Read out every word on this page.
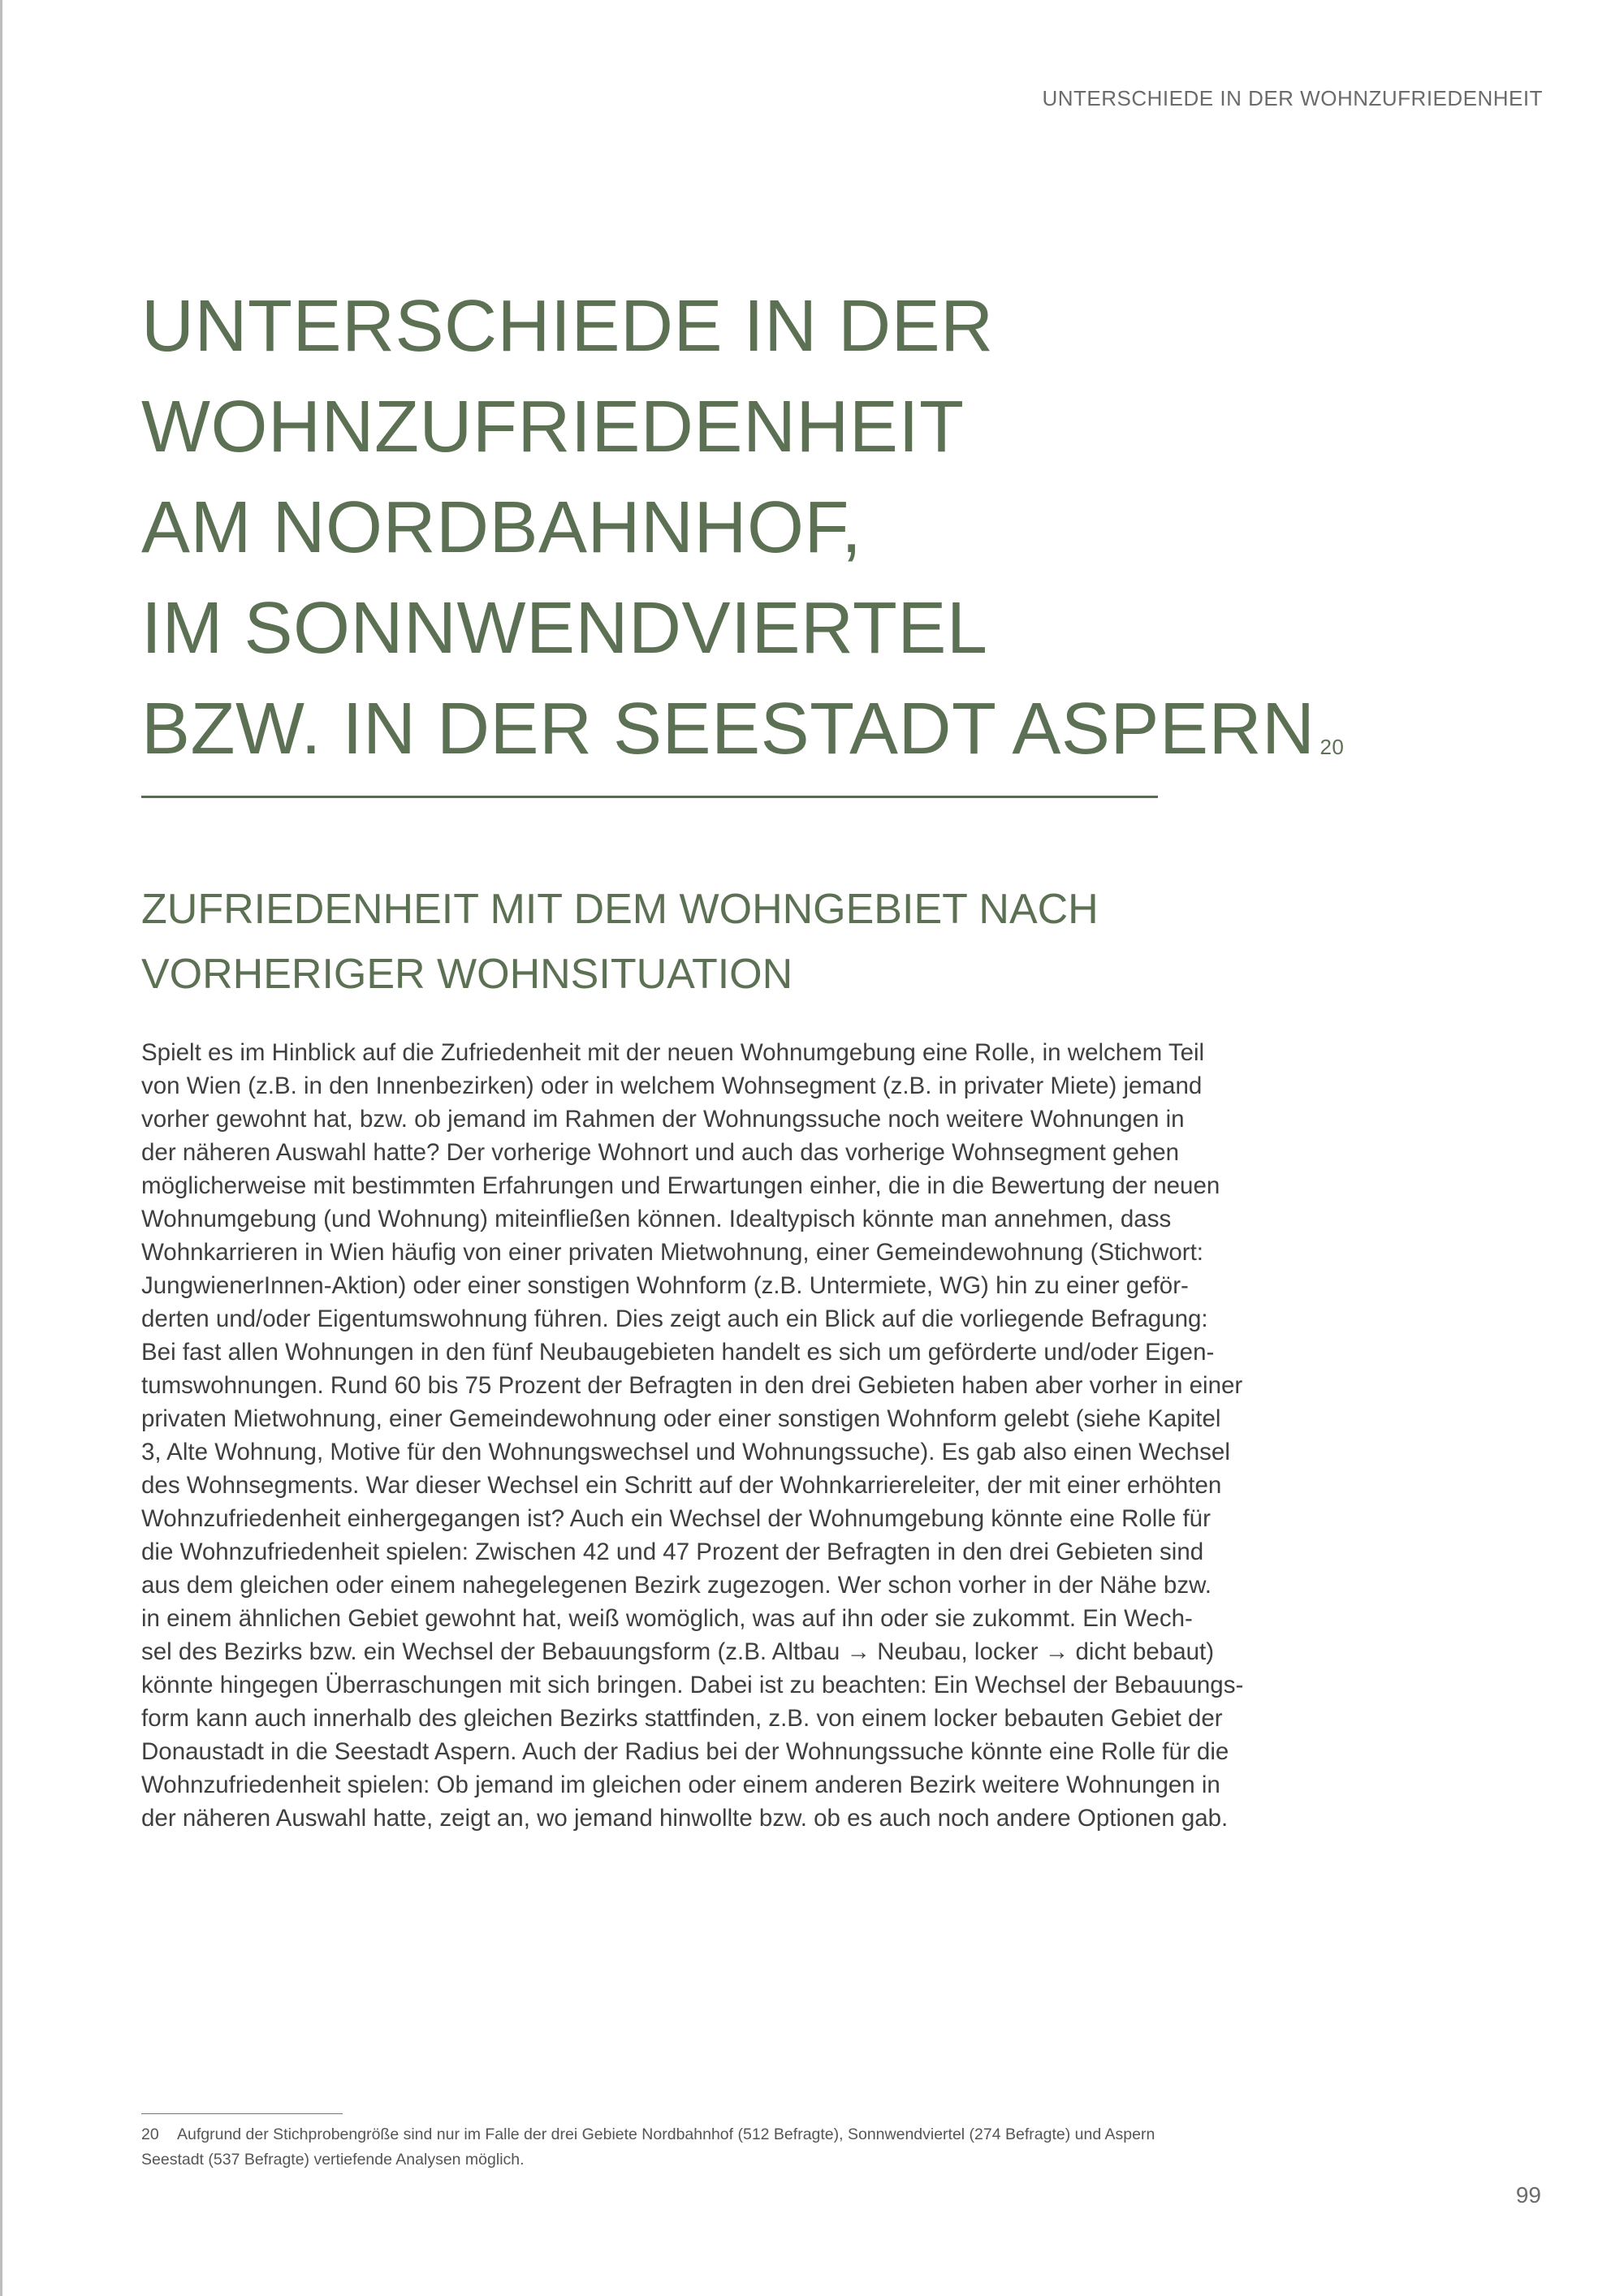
UNTERSCHIEDE IN DER WOHNZUFRIEDENHEIT
UNTERSCHIEDE IN DER
WOHNZUFRIEDENHEIT
AM NORDBAHNHOF,
IM SONNWENDVIERTEL
BZW. IN DER SEESTADT ASPERN $^{20}$
ZUFRIEDENHEIT MIT DEM WOHNGEBIET NACH
VORHERIGER WOHNSITUATION
Spielt es im Hinblick auf die Zufriedenheit mit der neuen Wohnumgebung eine Rolle, in welchem Teil
von Wien (z.B. in den Innenbezirken) oder in welchem Wohnsegment (z.B. in privater Miete) jemand
vorher gewohnt hat, bzw. ob jemand im Rahmen der Wohnungssuche noch weitere Wohnungen in
der näheren Auswahl hatte? Der vorherige Wohnort und auch das vorherige Wohnsegment gehen
möglicherweise mit bestimmten Erfahrungen und Erwartungen einher, die in die Bewertung der neuen
Wohnumgebung (und Wohnung) miteinfließen können. Idealtypisch könnte man annehmen, dass
Wohnkarrieren in Wien häufig von einer privaten Mietwohnung, einer Gemeindewohnung (Stichwort:
JungwienerInnen-Aktion) oder einer sonstigen Wohnform (z.B. Untermiete, WG) hin zu einer geför-
derten und/oder Eigentumswohnung führen. Dies zeigt auch ein Blick auf die vorliegende Befragung:
Bei fast allen Wohnungen in den fünf Neubaugebieten handelt es sich um geförderte und/oder Eigen-
tumswohnungen. Rund 60 bis 75 Prozent der Befragten in den drei Gebieten haben aber vorher in einer
privaten Mietwohnung, einer Gemeindewohnung oder einer sonstigen Wohnform gelebt (siehe Kapitel
3, Alte Wohnung, Motive für den Wohnungswechsel und Wohnungssuche). Es gab also einen Wechsel
des Wohnsegments. War dieser Wechsel ein Schritt auf der Wohnkarriereleiter, der mit einer erhöhten
Wohnzufriedenheit einhergegangen ist? Auch ein Wechsel der Wohnumgebung könnte eine Rolle für
die Wohnzufriedenheit spielen: Zwischen 42 und 47 Prozent der Befragten in den drei Gebieten sind
aus dem gleichen oder einem nahegelegenen Bezirk zugezogen. Wer schon vorher in der Nähe bzw.
in einem ähnlichen Gebiet gewohnt hat, weiß womöglich, was auf ihn oder sie zukommt. Ein Wech-
sel des Bezirks bzw. ein Wechsel der Bebauungsform (z.B. Altbau → Neubau, locker → dicht bebaut)
könnte hingegen Überraschungen mit sich bringen. Dabei ist zu beachten: Ein Wechsel der Bebauungs-
form kann auch innerhalb des gleichen Bezirks stattfinden, z.B. von einem locker bebauten Gebiet der
Donaustadt in die Seestadt Aspern. Auch der Radius bei der Wohnungssuche könnte eine Rolle für die
Wohnzufriedenheit spielen: Ob jemand im gleichen oder einem anderen Bezirk weitere Wohnungen in
der näheren Auswahl hatte, zeigt an, wo jemand hinwollte bzw. ob es auch noch andere Optionen gab.
20 Aufgrund der Stichprobengröße sind nur im Falle der drei Gebiete Nordbahnhof (512 Befragte), Sonnwendviertel (274 Befragte) und Aspern
Seestadt (537 Befragte) vertiefende Analysen möglich.
99
